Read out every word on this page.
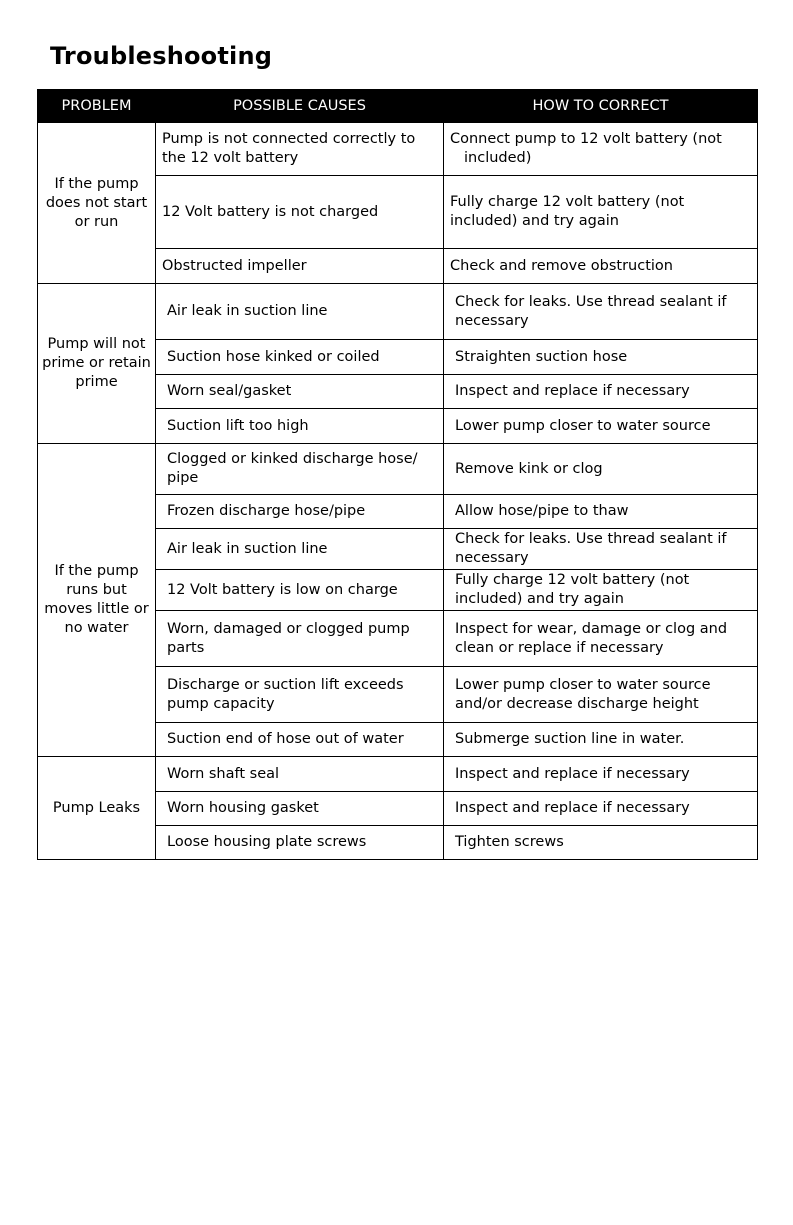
Troubleshooting
PROBLEM	POSSIBLE CAUSES	HOW TO CORRECT
If the pump does not start or run	Pump is not connected correctly to the 12 volt battery	Connect pump to 12 volt battery (not included)
	12 Volt battery is not charged	Fully charge 12 volt battery (not included) and try again
	Obstructed impeller	Check and remove obstruction
Pump will not prime or retain prime	Air leak in suction line	Check for leaks. Use thread sealant if necessary
	Suction hose kinked or coiled	Straighten suction hose
	Worn seal/gasket	Inspect and replace if necessary
	Suction lift too high	Lower pump closer to water source
If the pump runs but moves little or no water	Clogged or kinked discharge hose/ pipe	Remove kink or clog
	Frozen discharge hose/pipe	Allow hose/pipe to thaw
	Air leak in suction line	Check for leaks. Use thread sealant if necessary
	12 Volt battery is low on charge	Fully charge 12 volt battery (not included) and try again
	Worn, damaged or clogged pump parts	Inspect for wear, damage or clog and clean or replace if necessary
	Discharge or suction lift exceeds pump capacity	Lower pump closer to water source and/or decrease discharge height
	Suction end of hose out of water	Submerge suction line in water.
Pump Leaks	Worn shaft seal	Inspect and replace if necessary
	Worn housing gasket	Inspect and replace if necessary
	Loose housing plate screws	Tighten screws
